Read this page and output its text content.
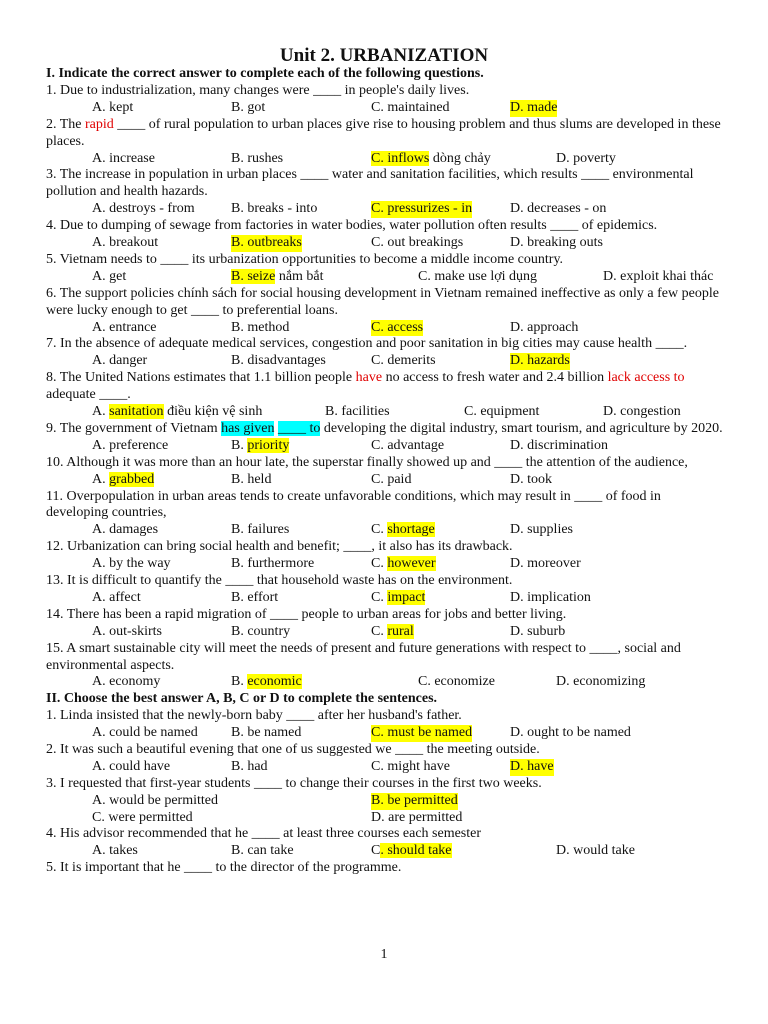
Unit 2. URBANIZATION
I. Indicate the correct answer to complete each of the following questions.
1. Due to industrialization, many changes were ____ in people's daily lives.
A. kept	B. got	C. maintained	D. made
2. The rapid ____ of rural population to urban places give rise to housing problem and thus slums are developed in these places.
A. increase	B. rushes	C. inflows dòng chảy	D. poverty
3. The increase in population in urban places ____ water and sanitation facilities, which results ____ environmental pollution and health hazards.
A. destroys - from	B. breaks - into	C. pressurizes - in	D. decreases - on
4. Due to dumping of sewage from factories in water bodies, water pollution often results ____ of epidemics.
A. breakout	B. outbreaks	C. out breakings	D. breaking outs
5. Vietnam needs to ____ its urbanization opportunities to become a middle income country.
A. get	B. seize nắm bắt	C. make use lợi dụng	D. exploit khai thác
6. The support policies chính sách for social housing development in Vietnam remained ineffective as only a few people were lucky enough to get ____ to preferential loans.
A. entrance	B. method	C. access	D. approach
7. In the absence of adequate medical services, congestion and poor sanitation in big cities may cause health ____.
A. danger	B. disadvantages	C. demerits	D. hazards
8. The United Nations estimates that 1.1 billion people have no access to fresh water and 2.4 billion lack access to adequate ____.
A. sanitation điều kiện vệ sinh	B. facilities	C. equipment	D. congestion
9. The government of Vietnam has given ____ to developing the digital industry, smart tourism, and agriculture by 2020.
A. preference	B. priority	C. advantage	D. discrimination
10. Although it was more than an hour late, the superstar finally showed up and ____ the attention of the audience,
A. grabbed	B. held	C. paid	D. took
11. Overpopulation in urban areas tends to create unfavorable conditions, which may result in ____ of food in developing countries,
A. damages	B. failures	C. shortage	D. supplies
12. Urbanization can bring social health and benefit; ____, it also has its drawback.
A. by the way	B. furthermore	C. however	D. moreover
13. It is difficult to quantify the ____ that household waste has on the environment.
A. affect	B. effort	C. impact	D. implication
14. There has been a rapid migration of ____ people to urban areas for jobs and better living.
A. out-skirts	B. country	C. rural	D. suburb
15. A smart sustainable city will meet the needs of present and future generations with respect to ____, social and environmental aspects.
A. economy	B. economic	C. economize	D. economizing
II. Choose the best answer A, B, C or D to complete the sentences.
1. Linda insisted that the newly-born baby ____ after her husband's father.
A. could be named B. be named	C. must be named	D. ought to be named
2. It was such a beautiful evening that one of us suggested we ____ the meeting outside.
A. could have	B. had	C. might have	D. have
3. I requested that first-year students ____ to change their courses in the first two weeks.
A. would be permitted	B. be permitted
C. were permitted	D. are permitted
4. His advisor recommended that he ____ at least three courses each semester
A. takes	B. can take	C. should take	D. would take
5. It is important that he ____ to the director of the programme.
1
